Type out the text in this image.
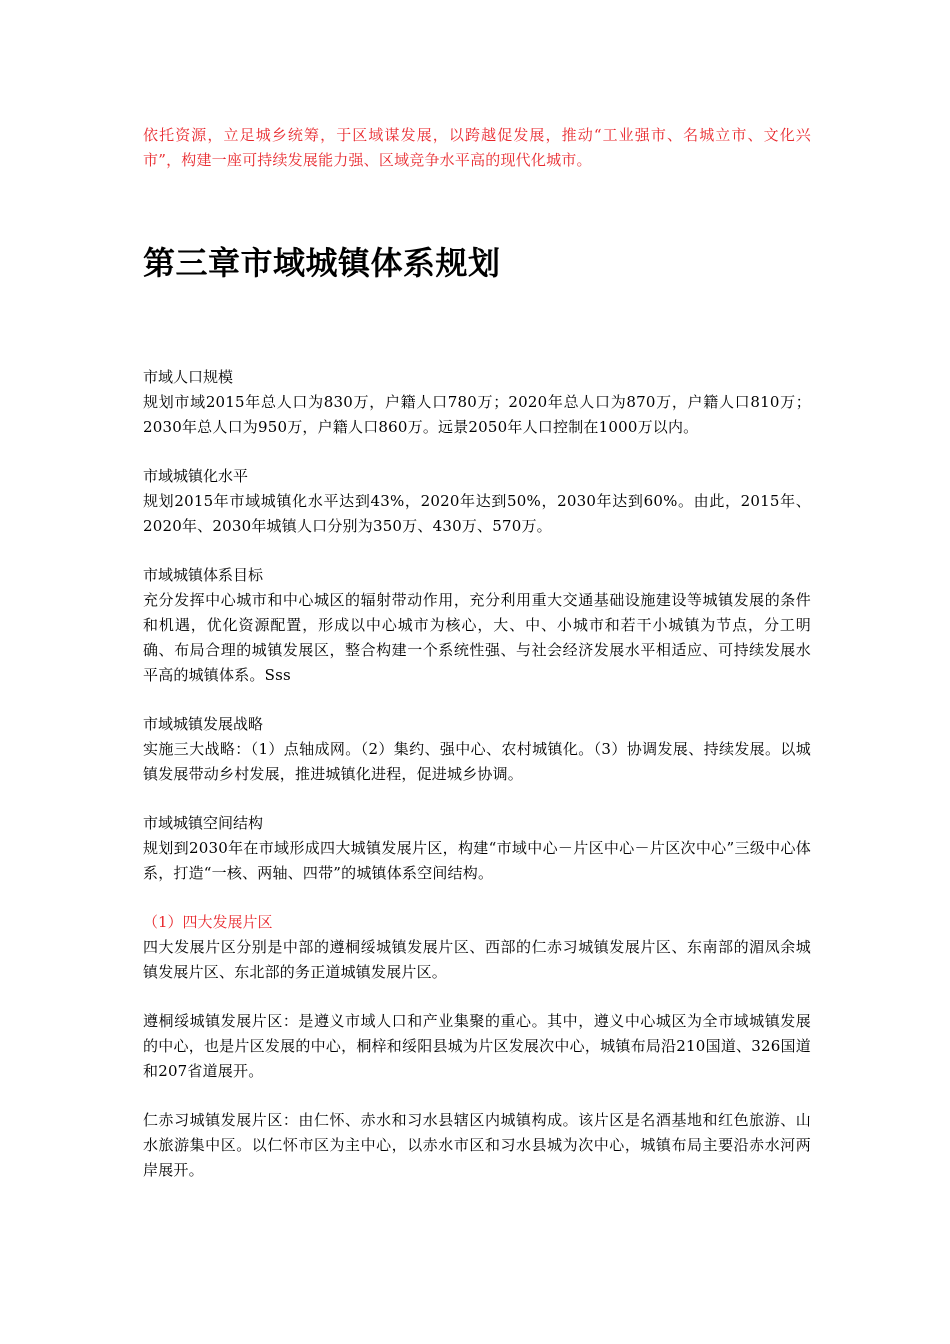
依托资源，立足城乡统筹，于区域谋发展，以跨越促发展，推动“工业强市、名城立市、文化兴市”，构建一座可持续发展能力强、区域竞争水平高的现代化城市。

第三章市域城镇体系规划

市域人口规模

规划市域2015年总人口为830万，户籍人口780万；2020年总人口为870万，户籍人口810万；2030年总人口为950万，户籍人口860万。远景2050年人口控制在1000万以内。

市域城镇化水平

规划2015年市域城镇化水平达到43%，2020年达到50%，2030年达到60%。由此，2015年、2020年、2030年城镇人口分别为350万、430万、570万。

市域城镇体系目标

充分发挥中心城市和中心城区的辐射带动作用，充分利用重大交通基础设施建设等城镇发展的条件和机遇，优化资源配置，形成以中心城市为核心，大、中、小城市和若干小城镇为节点，分工明确、布局合理的城镇发展区，整合构建一个系统性强、与社会经济发展水平相适应、可持续发展水平高的城镇体系。Sss

市域城镇发展战略

实施三大战略：（1）点轴成网。（2）集约、强中心、农村城镇化。（3）协调发展、持续发展。以城镇发展带动乡村发展，推进城镇化进程，促进城乡协调。

市域城镇空间结构

规划到2030年在市域形成四大城镇发展片区，构建“市域中心－片区中心－片区次中心”三级中心体系，打造“一核、两轴、四带”的城镇体系空间结构。

（1）四大发展片区

四大发展片区分别是中部的遵桐绥城镇发展片区、西部的仁赤习城镇发展片区、东南部的湄凤余城镇发展片区、东北部的务正道城镇发展片区。

遵桐绥城镇发展片区：是遵义市域人口和产业集聚的重心。其中，遵义中心城区为全市域城镇发展的中心，也是片区发展的中心，桐梓和绥阳县城为片区发展次中心，城镇布局沿210国道、326国道和207省道展开。

仁赤习城镇发展片区：由仁怀、赤水和习水县辖区内城镇构成。该片区是名酒基地和红色旅游、山水旅游集中区。以仁怀市区为主中心，以赤水市区和习水县城为次中心，城镇布局主要沿赤水河两岸展开。
